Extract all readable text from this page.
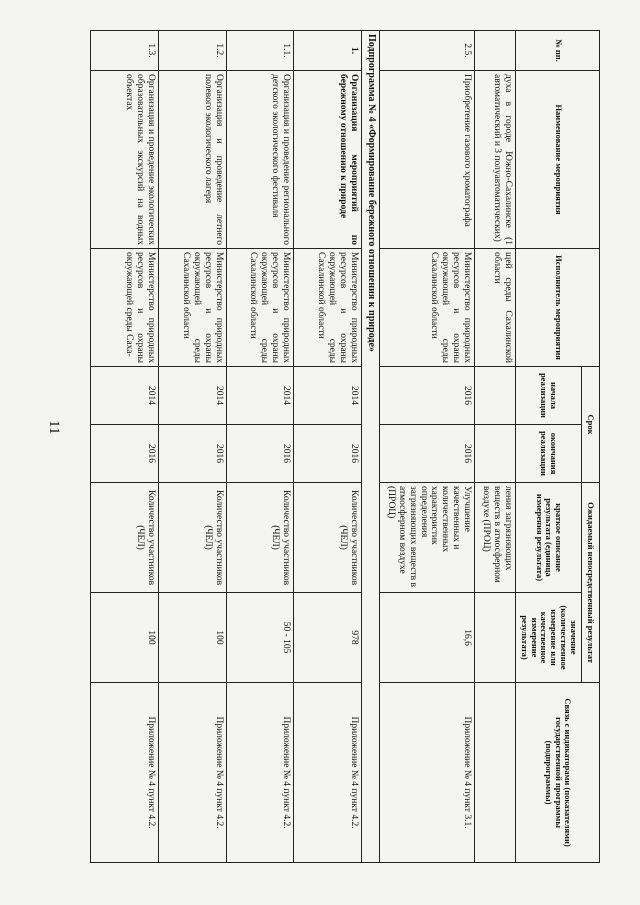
11
№ пп.	Наименование мероприятия	Исполнитель мероприятия	Срок		Ожидаемый непосредственный результат		Связь с индикаторами (показателями) государственной программы (подпрограммы)
			начала реализации	окончания реализации	краткое описание результата (единица измерения результата)	значение (количественное измерение или качественное измерение результата)	
	духа в городе Южно-Сахалинске (1 автоматический и 3 полуавтоматических)	щей среды Сахалинской области			ления загрязняющих веществ в атмосферном воздухе (ПРОЦ)		
2.5.	Приобретение газового хроматографа	Министерство природных ресурсов и охраны окружающей среды Сахалинской области	2016	2016	Улучшение качественных и количественных характеристик определения загрязняющих веществ в атмосферном воздухе (ПРОЦ)	16,6	Приложение № 4 пункт 3.1.
Подпрограмма № 4 «Формирование бережного отношения к природе»							
1.	Организация мероприятий по бережному отношению к природе	Министерство природных ресурсов и охраны окружающей среды Сахалинской области	2014	2016	Количество участников (ЧЕЛ)	978	Приложение № 4 пункт 4.2.
1.1.	Организация и проведение регионального детского экологического фестиваля	Министерство природных ресурсов и охраны окружающей среды Сахалинской области	2014	2016	Количество участников (ЧЕЛ)	50 - 105	Приложение № 4 пункт 4.2.
1.2.	Организация и проведение летнего полевого экологического лагеря	Министерство природных ресурсов и охраны окружающей среды Сахалинской области	2014	2016	Количество участников (ЧЕЛ)	100	Приложение № 4 пункт 4.2.
1.3.	Организация и проведение экологических образовательных экскурсий на водных объектах	Министерство природных ресурсов и охраны окружающей среды Саха-	2014	2016	Количество участников (ЧЕЛ)	100	Приложение № 4 пункт 4.2.
